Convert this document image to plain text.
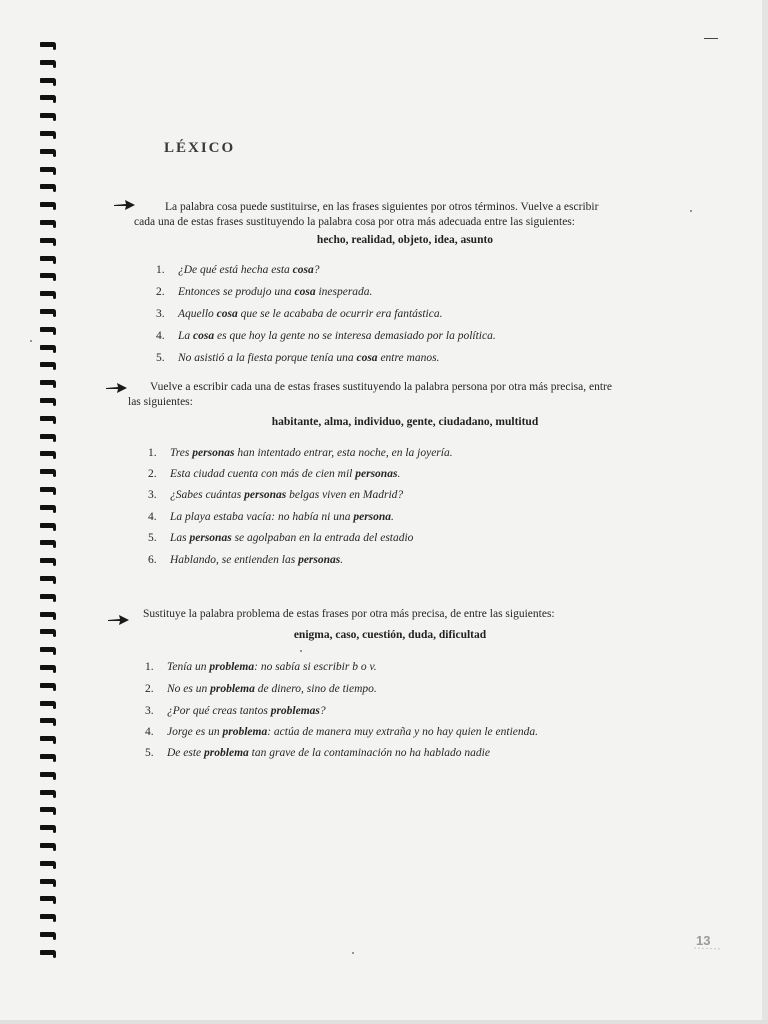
LÉXICO
La palabra cosa puede sustituirse, en las frases siguientes por otros términos. Vuelve a escribir
cada una de estas frases sustituyendo la palabra cosa por otra más adecuada entre las siguientes:
hecho, realidad, objeto, idea, asunto
1. ¿De qué está hecha esta cosa?
2. Entonces se produjo una cosa inesperada.
3. Aquello cosa que se le acababa de ocurrir era fantástica.
4. La cosa es que hoy la gente no se interesa demasiado por la política.
5. No asistió a la fiesta porque tenía una cosa entre manos.
Vuelve a escribir cada una de estas frases sustituyendo la palabra persona por otra más precisa, entre
las siguientes:
habitante, alma, individuo, gente, ciudadano, multitud
1. Tres personas han intentado entrar, esta noche, en la joyería.
2. Esta ciudad cuenta con más de cien mil personas.
3. ¿Sabes cuántas personas belgas viven en Madrid?
4. La playa estaba vacía: no había ni una persona.
5. Las personas se agolpaban en la entrada del estadio
6. Hablando, se entienden las personas.
Sustituye la palabra problema de estas frases por otra más precisa, de entre las siguientes:
enigma, caso, cuestión, duda, dificultad
1. Tenía un problema: no sabía si escribir b o v.
2. No es un problema de dinero, sino de tiempo.
3. ¿Por qué creas tantos problemas?
4. Jorge es un problema: actúa de manera muy extraña y no hay quien le entienda.
5. De este problema tan grave de la contaminación no ha hablado nadie
13
